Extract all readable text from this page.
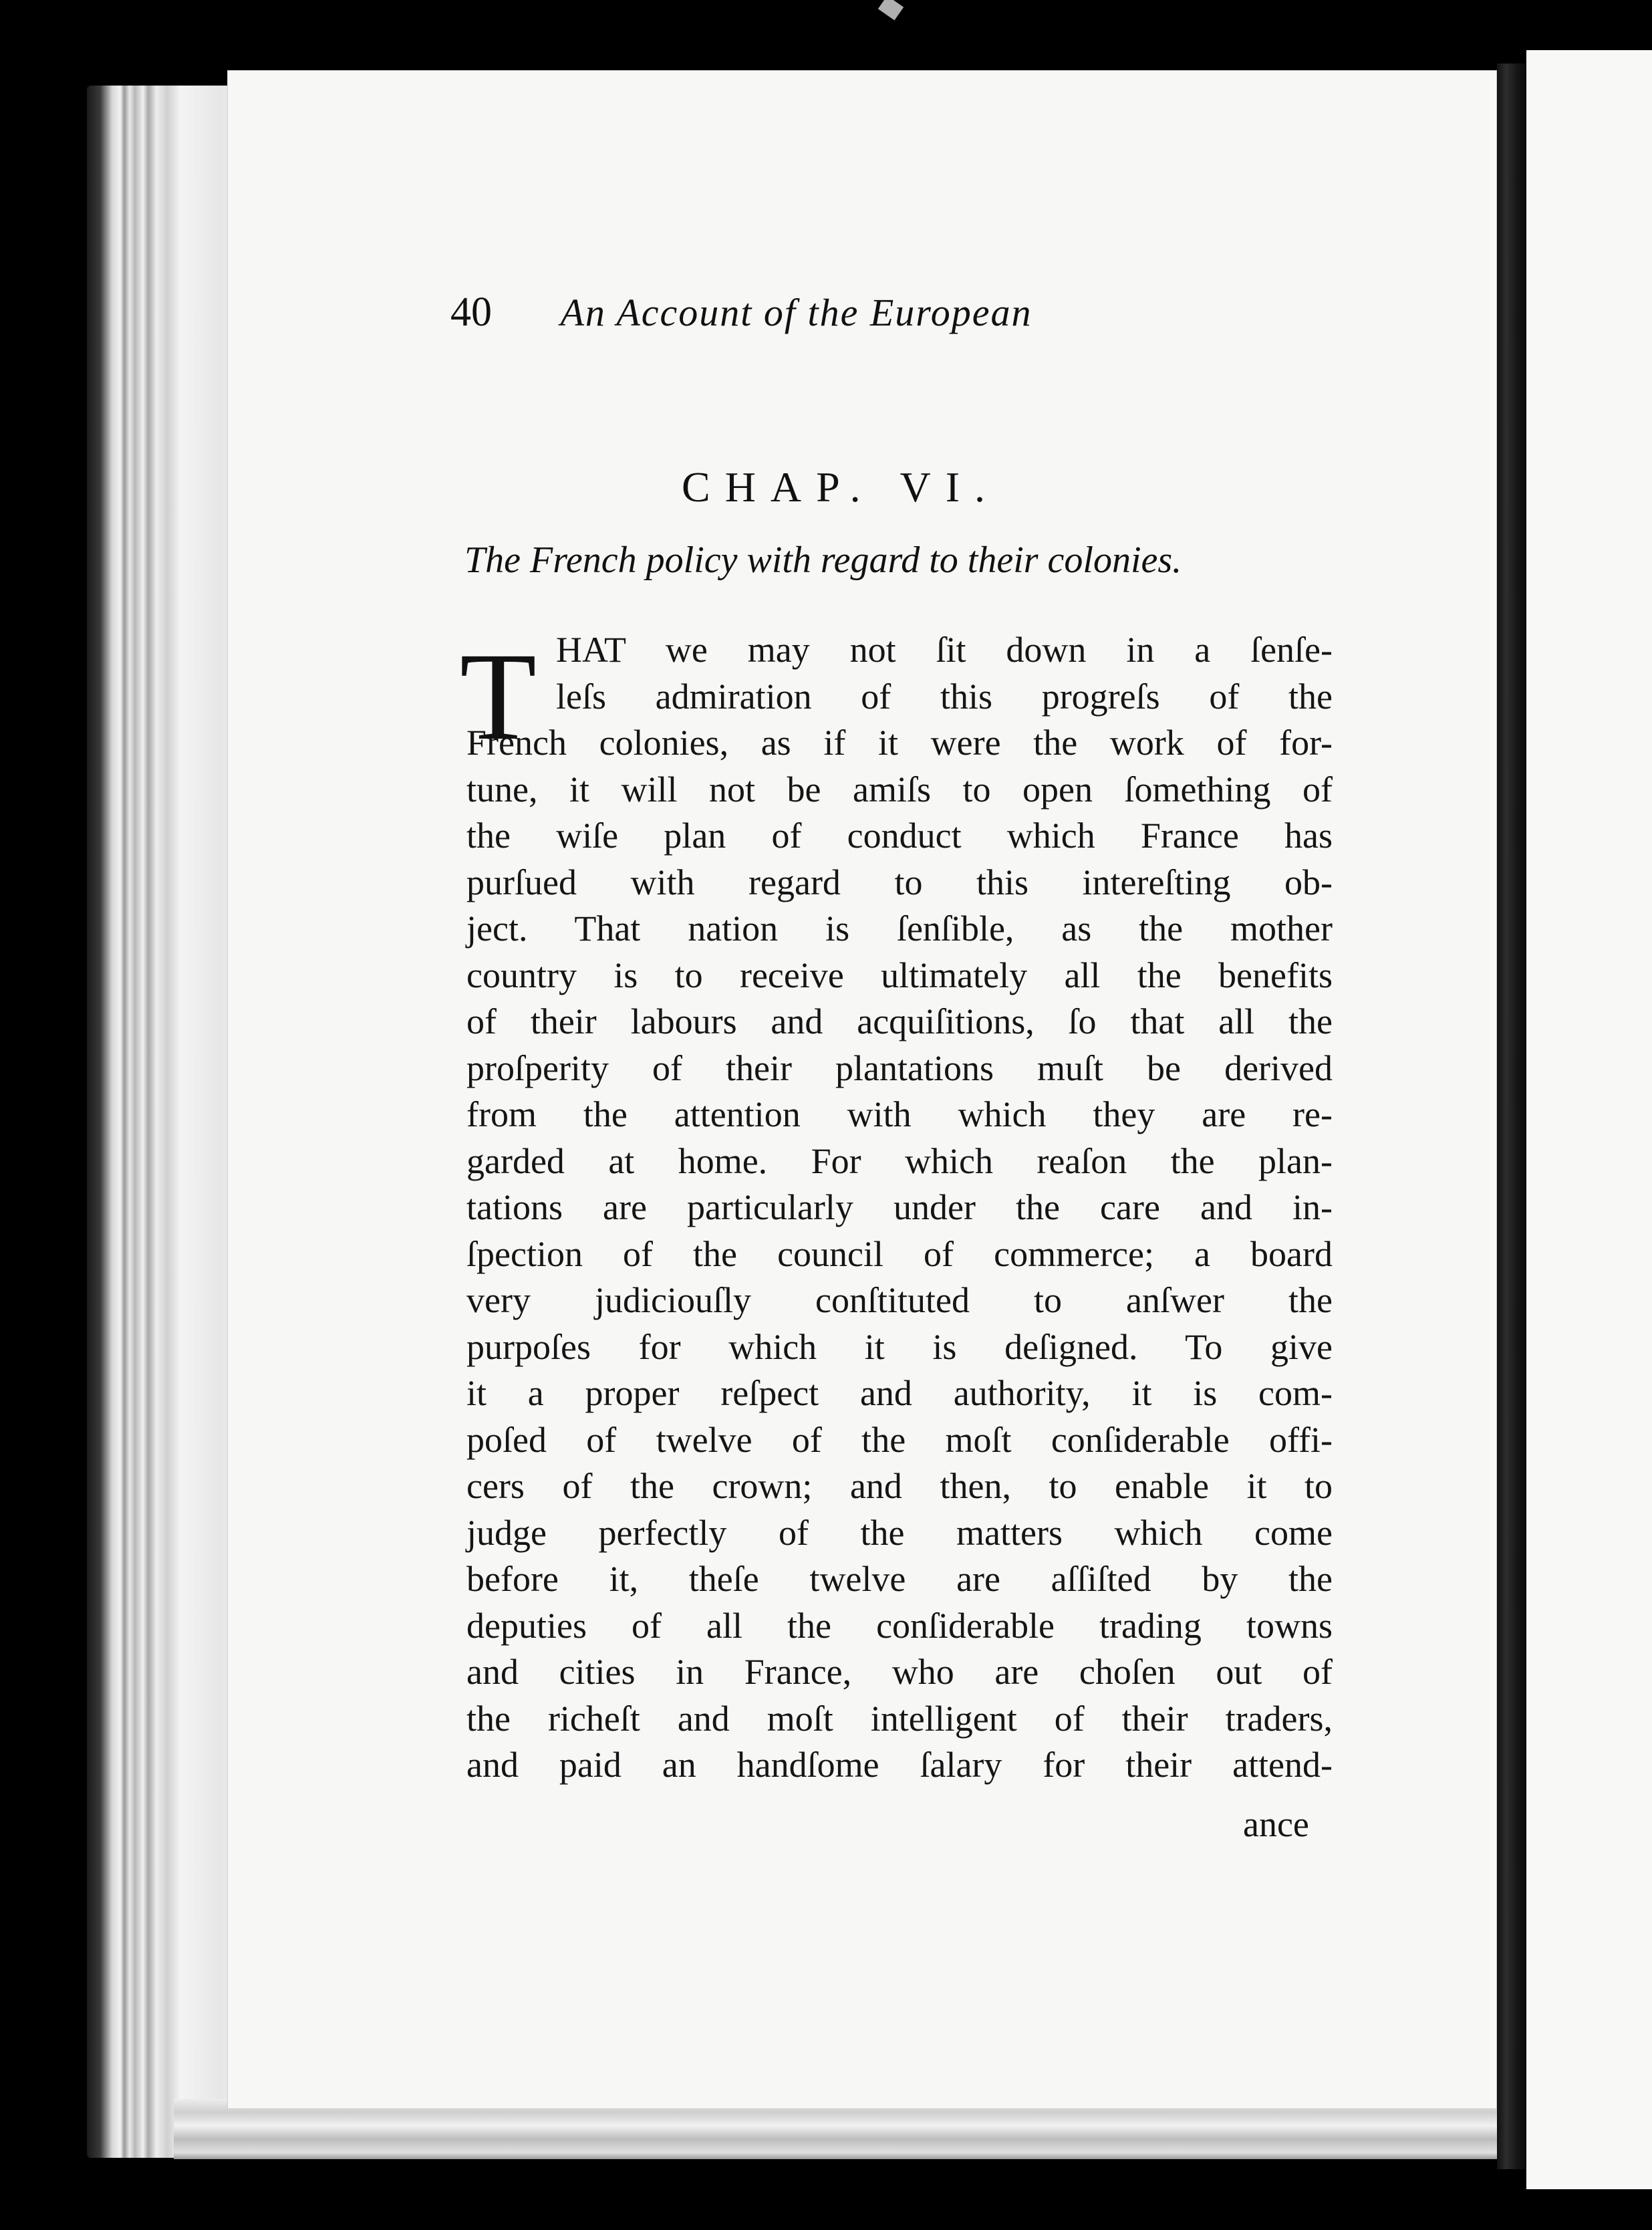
40 An Account of the European
CHAP. VI.
The French policy with regard to their colonies.
T HAT we may not ſit down in a ſenſe-
leſs admiration of this progreſs of the
French colonies, as if it were the work of for-
tune, it will not be amiſs to open ſomething of
the wiſe plan of conduct which France has
purſued with regard to this intereſting ob-
ject. That nation is ſenſible, as the mother
country is to receive ultimately all the benefits
of their labours and acquiſitions, ſo that all the
proſperity of their plantations muſt be derived
from the attention with which they are re-
garded at home. For which reaſon the plan-
tations are particularly under the care and in-
ſpection of the council of commerce; a board
very judiciouſly conſtituted to anſwer the
purpoſes for which it is deſigned. To give
it a proper reſpect and authority, it is com-
poſed of twelve of the moſt conſiderable offi-
cers of the crown; and then, to enable it to
judge perfectly of the matters which come
before it, theſe twelve are aſſiſted by the
deputies of all the conſiderable trading towns
and cities in France, who are choſen out of
the richeſt and moſt intelligent of their traders,
and paid an handſome ſalary for their attend-
ance
